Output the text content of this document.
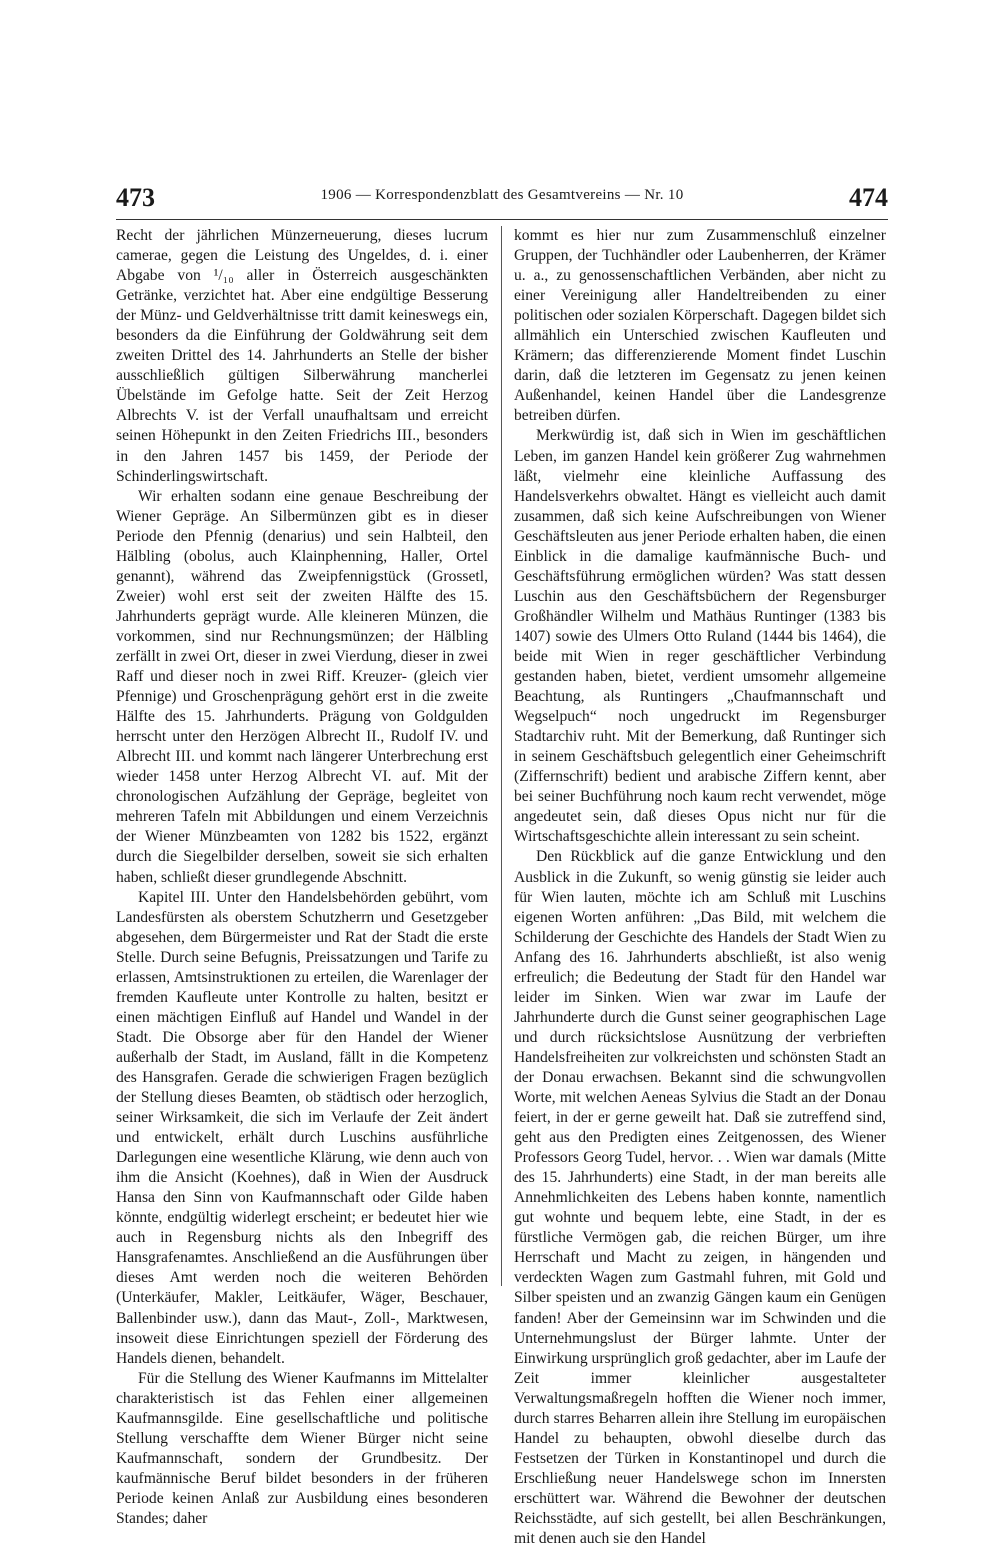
473	1906 — Korrespondenzblatt des Gesamtvereins — Nr. 10	474

Recht der jährlichen Münzerneuerung, dieses lucrum camerae, gegen die Leistung des Ungeldes, d. i. einer Abgabe von ¹/₁₀ aller in Österreich ausgeschänkten Getränke, verzichtet hat. Aber eine endgültige Besserung der Münz- und Geldverhältnisse tritt damit keineswegs ein, besonders da die Einführung der Goldwährung seit dem zweiten Drittel des 14. Jahrhunderts an Stelle der bisher ausschließlich gültigen Silberwährung mancherlei Übelstände im Gefolge hatte. Seit der Zeit Herzog Albrechts V. ist der Verfall unaufhaltsam und erreicht seinen Höhepunkt in den Zeiten Friedrichs III., besonders in den Jahren 1457 bis 1459, der Periode der Schinderlingswirtschaft.

Wir erhalten sodann eine genaue Beschreibung der Wiener Gepräge. An Silbermünzen gibt es in dieser Periode den Pfennig (denarius) und sein Halbteil, den Hälbling (obolus, auch Klainphenning, Haller, Ortel genannt), während das Zweipfennigstück (Grossetl, Zweier) wohl erst seit der zweiten Hälfte des 15. Jahrhunderts geprägt wurde. Alle kleineren Münzen, die vorkommen, sind nur Rechnungsmünzen; der Hälbling zerfällt in zwei Ort, dieser in zwei Vierdung, dieser in zwei Raff und dieser noch in zwei Riff. Kreuzer- (gleich vier Pfennige) und Groschenprägung gehört erst in die zweite Hälfte des 15. Jahrhunderts. Prägung von Goldgulden herrscht unter den Herzögen Albrecht II., Rudolf IV. und Albrecht III. und kommt nach längerer Unterbrechung erst wieder 1458 unter Herzog Albrecht VI. auf. Mit der chronologischen Aufzählung der Gepräge, begleitet von mehreren Tafeln mit Abbildungen und einem Verzeichnis der Wiener Münzbeamten von 1282 bis 1522, ergänzt durch die Siegelbilder derselben, soweit sie sich erhalten haben, schließt dieser grundlegende Abschnitt.

Kapitel III. Unter den Handelsbehörden gebührt, vom Landesfürsten als oberstem Schutzherrn und Gesetzgeber abgesehen, dem Bürgermeister und Rat der Stadt die erste Stelle. Durch seine Befugnis, Preissatzungen und Tarife zu erlassen, Amtsinstruktionen zu erteilen, die Warenlager der fremden Kaufleute unter Kontrolle zu halten, besitzt er einen mächtigen Einfluß auf Handel und Wandel in der Stadt. Die Obsorge aber für den Handel der Wiener außerhalb der Stadt, im Ausland, fällt in die Kompetenz des Hansgrafen. Gerade die schwierigen Fragen bezüglich der Stellung dieses Beamten, ob städtisch oder herzoglich, seiner Wirksamkeit, die sich im Verlaufe der Zeit ändert und entwickelt, erhält durch Luschins ausführliche Darlegungen eine wesentliche Klärung, wie denn auch von ihm die Ansicht (Koehnes), daß in Wien der Ausdruck Hansa den Sinn von Kaufmannschaft oder Gilde haben könnte, endgültig widerlegt erscheint; er bedeutet hier wie auch in Regensburg nichts als den Inbegriff des Hansgrafenamtes. Anschließend an die Ausführungen über dieses Amt werden noch die weiteren Behörden (Unterkäufer, Makler, Leitkäufer, Wäger, Beschauer, Ballenbinder usw.), dann das Maut-, Zoll-, Marktwesen, insoweit diese Einrichtungen speziell der Förderung des Handels dienen, behandelt.

Für die Stellung des Wiener Kaufmanns im Mittelalter charakteristisch ist das Fehlen einer allgemeinen Kaufmannsgilde. Eine gesellschaftliche und politische Stellung verschaffte dem Wiener Bürger nicht seine Kaufmannschaft, sondern der Grundbesitz. Der kaufmännische Beruf bildet besonders in der früheren Periode keinen Anlaß zur Ausbildung eines besonderen Standes; daher

kommt es hier nur zum Zusammenschluß einzelner Gruppen, der Tuchhändler oder Laubenherren, der Krämer u. a., zu genossenschaftlichen Verbänden, aber nicht zu einer Vereinigung aller Handeltreibenden zu einer politischen oder sozialen Körperschaft. Dagegen bildet sich allmählich ein Unterschied zwischen Kaufleuten und Krämern; das differenzierende Moment findet Luschin darin, daß die letzteren im Gegensatz zu jenen keinen Außenhandel, keinen Handel über die Landesgrenze betreiben dürfen.

Merkwürdig ist, daß sich in Wien im geschäftlichen Leben, im ganzen Handel kein größerer Zug wahrnehmen läßt, vielmehr eine kleinliche Auffassung des Handelsverkehrs obwaltet. Hängt es vielleicht auch damit zusammen, daß sich keine Aufschreibungen von Wiener Geschäftsleuten aus jener Periode erhalten haben, die einen Einblick in die damalige kaufmännische Buch- und Geschäftsführung ermöglichen würden? Was statt dessen Luschin aus den Geschäftsbüchern der Regensburger Großhändler Wilhelm und Mathäus Runtinger (1383 bis 1407) sowie des Ulmers Otto Ruland (1444 bis 1464), die beide mit Wien in reger geschäftlicher Verbindung gestanden haben, bietet, verdient umsomehr allgemeine Beachtung, als Runtingers „Chaufmannschaft und Wegselpuch“ noch ungedruckt im Regensburger Stadtarchiv ruht. Mit der Bemerkung, daß Runtinger sich in seinem Geschäftsbuch gelegentlich einer Geheimschrift (Ziffernschrift) bedient und arabische Ziffern kennt, aber bei seiner Buchführung noch kaum recht verwendet, möge angedeutet sein, daß dieses Opus nicht nur für die Wirtschaftsgeschichte allein interessant zu sein scheint.

Den Rückblick auf die ganze Entwicklung und den Ausblick in die Zukunft, so wenig günstig sie leider auch für Wien lauten, möchte ich am Schluß mit Luschins eigenen Worten anführen: „Das Bild, mit welchem die Schilderung der Geschichte des Handels der Stadt Wien zu Anfang des 16. Jahrhunderts abschließt, ist also wenig erfreulich; die Bedeutung der Stadt für den Handel war leider im Sinken. Wien war zwar im Laufe der Jahrhunderte durch die Gunst seiner geographischen Lage und durch rücksichtslose Ausnützung der verbrieften Handelsfreiheiten zur volkreichsten und schönsten Stadt an der Donau erwachsen. Bekannt sind die schwungvollen Worte, mit welchen Aeneas Sylvius die Stadt an der Donau feiert, in der er gerne geweilt hat. Daß sie zutreffend sind, geht aus den Predigten eines Zeitgenossen, des Wiener Professors Georg Tudel, hervor. . . Wien war damals (Mitte des 15. Jahrhunderts) eine Stadt, in der man bereits alle Annehmlichkeiten des Lebens haben konnte, namentlich gut wohnte und bequem lebte, eine Stadt, in der es fürstliche Vermögen gab, die reichen Bürger, um ihre Herrschaft und Macht zu zeigen, in hängenden und verdeckten Wagen zum Gastmahl fuhren, mit Gold und Silber speisten und an zwanzig Gängen kaum ein Genügen fanden! Aber der Gemeinsinn war im Schwinden und die Unternehmungslust der Bürger lahmte. Unter der Einwirkung ursprünglich groß gedachter, aber im Laufe der Zeit immer kleinlicher ausgestalteter Verwaltungsmaßregeln hofften die Wiener noch immer, durch starres Beharren allein ihre Stellung im europäischen Handel zu behaupten, obwohl dieselbe durch das Festsetzen der Türken in Konstantinopel und durch die Erschließung neuer Handelswege schon im Innersten erschüttert war. Während die Bewohner der deutschen Reichsstädte, auf sich gestellt, bei allen Beschränkungen, mit denen auch sie den Handel
